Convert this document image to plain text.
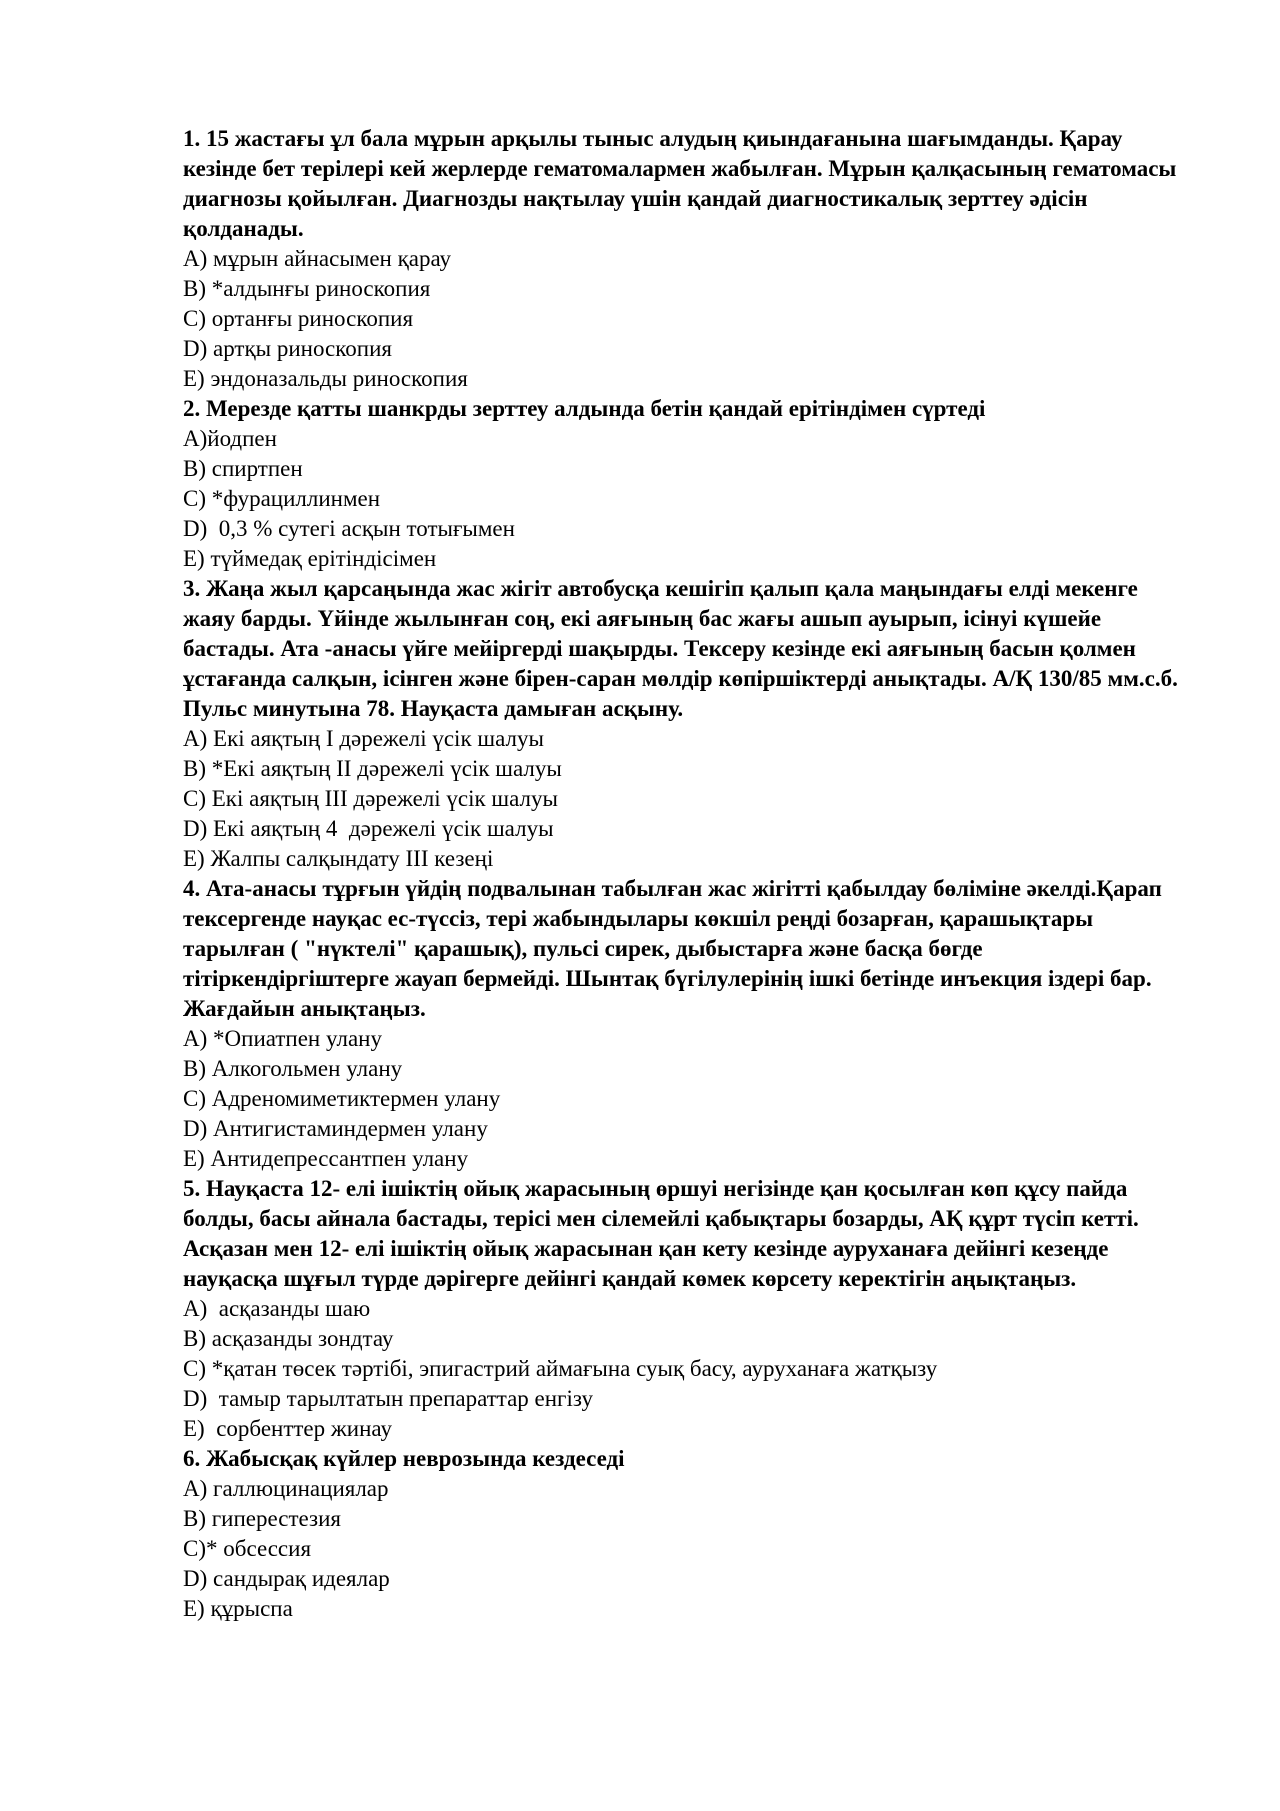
1. 15 жастағы ұл бала мұрын арқылы тыныс алудың қиындағанына шағымданды. Қарау кезінде бет терілері кей жерлерде гематомалармен жабылған. Мұрын қалқасының гематомасы диагнозы қойылған. Диагнозды нақтылау үшін қандай диагностикалық зерттеу әдісін қолданады.

A) мұрын айнасымен қарау

B) *алдынғы риноскопия

C) ортанғы риноскопия

D) артқы риноскопия

E) эндоназальды риноскопия

2. Мерезде қатты шанкрды зерттеу алдында бетін қандай ерітіндімен сүртеді

A)йодпен

B) спиртпен

C) *фурациллинмен

D)  0,3 % сутегі асқын тотығымен

E) түймедақ ерітіндісімен

3. Жаңа жыл қарсаңында жас жігіт автобусқа кешігіп қалып қала маңындағы елді мекенге жаяу барды. Үйінде жылынған соң, екі аяғының бас жағы ашып ауырып, ісінуі күшейе бастады. Ата -анасы үйге мейіргерді шақырды. Тексеру кезінде екі аяғының басын қолмен ұстағанда салқын, ісінген және бірен-саран мөлдір көпіршіктерді анықтады. А/Қ 130/85 мм.с.б. Пульс минутына 78. Науқаста дамыған асқыну.

A) Екі аяқтың I дәрежелі үсік шалуы

B) *Екі аяқтың II дәрежелі үсік шалуы

C) Екі аяқтың III дәрежелі үсік шалуы

D) Екі аяқтың 4  дәрежелі үсік шалуы

E) Жалпы салқындату III кезеңі

4. Ата-анасы тұрғын үйдің подвалынан табылған жас жігітті қабылдау бөліміне әкелді.Қарап тексергенде науқас ес-түссіз, тері жабындылары көкшіл реңді бозарған, қарашықтары тарылған ( "нүктелі" қарашық), пульсі сирек, дыбыстарға және басқа бөгде тітіркендіргіштерге жауап бермейді. Шынтақ бүгілулерінің ішкі бетінде инъекция іздері бар. Жағдайын анықтаңыз.

A) *Опиатпен улану

B) Алкогольмен улану

C) Адреномиметиктермен улану

D) Антигистаминдермен улану

E) Антидепрессантпен улану

5. Науқаста 12- елі ішіктің ойық жарасының өршуі негізінде қан қосылған көп құсу пайда болды, басы айнала бастады, терісі мен сілемейлі қабықтары бозарды, АҚ құрт түсіп кетті. Асқазан мен 12- елі ішіктің ойық жарасынан қан кету кезінде ауруханаға дейінгі кезеңде науқасқа шұғыл түрде дәрігерге дейінгі қандай көмек көрсету керектігін аңықтаңыз.

A)  асқазанды шаю

B) асқазанды зондтау

C) *қатан төсек тәртібі, эпигастрий аймағына суық басу, ауруханаға жатқызу

D)  тамыр тарылтатын препараттар енгізу

E)  сорбенттер жинау

6. Жабысқақ күйлер неврозында кездеседі

A) галлюцинациялар

B) гиперестезия

C)* обсессия

D) сандырақ идеялар

E) құрыспа
